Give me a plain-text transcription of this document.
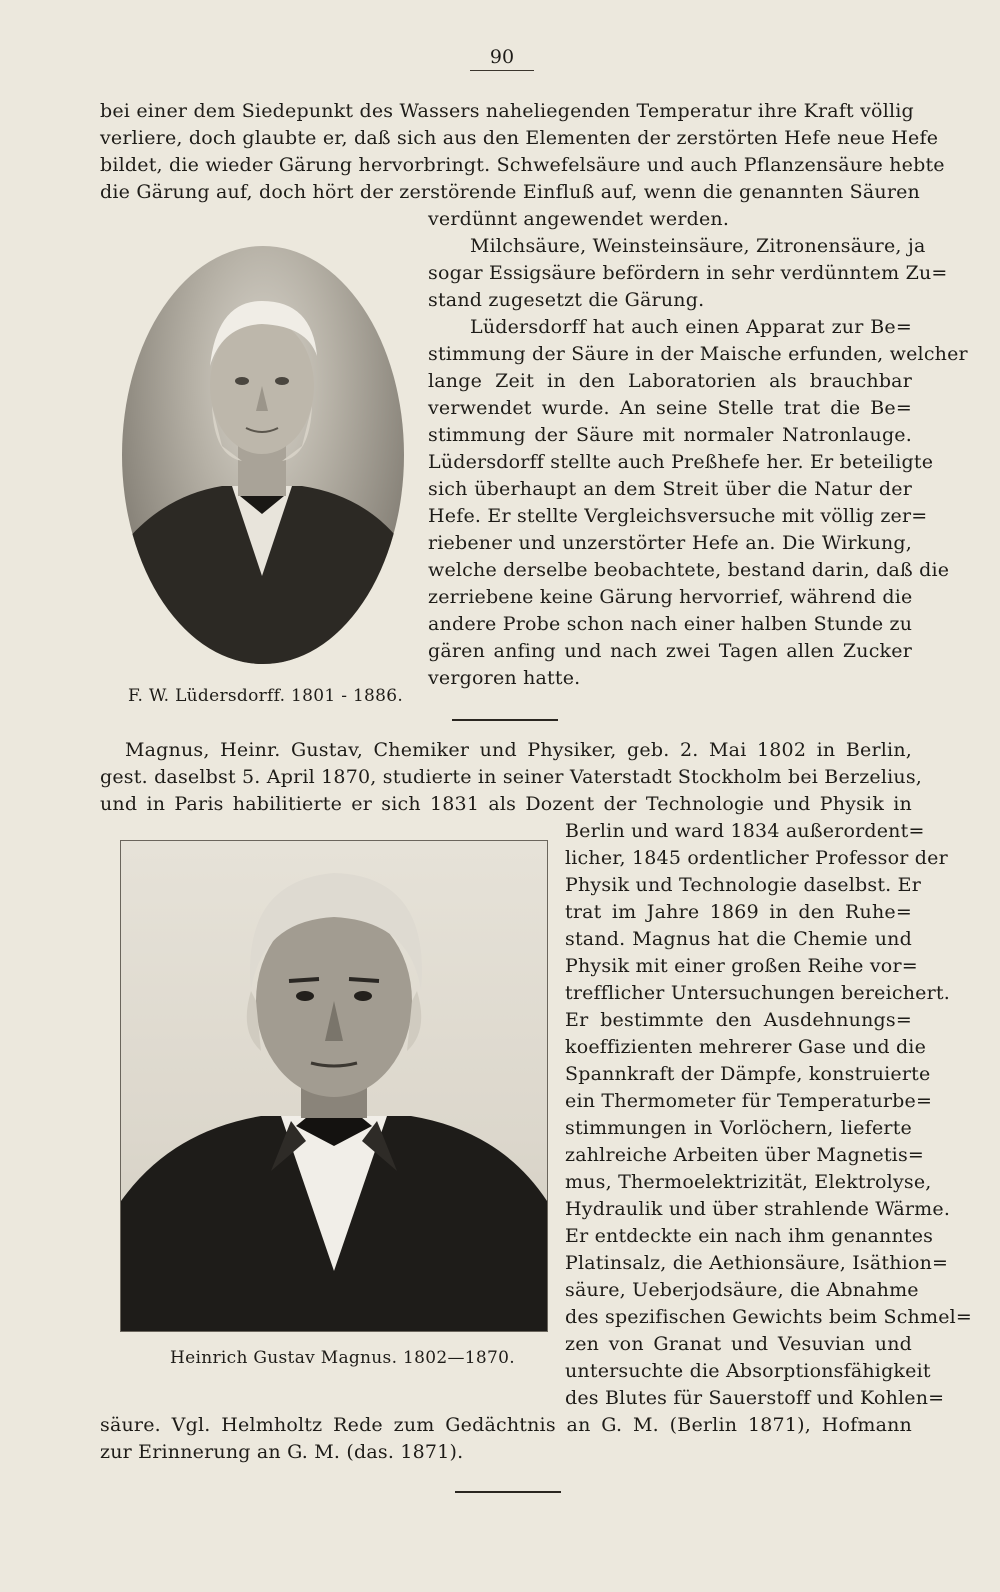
90
bei einer dem Siedepunkt des Wassers naheliegenden Temperatur ihre Kraft völlig
verliere, doch glaubte er, daß sich aus den Elementen der zerstörten Hefe neue Hefe
bildet, die wieder Gärung hervorbringt. Schwefelsäure und auch Pflanzensäure hebte
die Gärung auf, doch hört der zerstörende Einfluß auf, wenn die genannten Säuren
verdünnt angewendet werden.
Milchsäure, Weinsteinsäure, Zitronensäure, ja
sogar Essigsäure befördern in sehr verdünntem Zu=
stand zugesetzt die Gärung.
Lüdersdorff hat auch einen Apparat zur Be=
stimmung der Säure in der Maische erfunden, welcher
lange Zeit in den Laboratorien als brauchbar
verwendet wurde. An seine Stelle trat die Be=
stimmung der Säure mit normaler Natronlauge.
Lüdersdorff stellte auch Preßhefe her. Er beteiligte
sich überhaupt an dem Streit über die Natur der
Hefe. Er stellte Vergleichsversuche mit völlig zer=
riebener und unzerstörter Hefe an. Die Wirkung,
welche derselbe beobachtete, bestand darin, daß die
zerriebene keine Gärung hervorrief, während die
andere Probe schon nach einer halben Stunde zu
gären anfing und nach zwei Tagen allen Zucker
vergoren hatte.
F. W. Lüdersdorff. 1801 - 1886.
Magnus, Heinr. Gustav, Chemiker und Physiker, geb. 2. Mai 1802 in Berlin,
gest. daselbst 5. April 1870, studierte in seiner Vaterstadt Stockholm bei Berzelius,
und in Paris habilitierte er sich 1831 als Dozent der Technologie und Physik in
Berlin und ward 1834 außerordent=
licher, 1845 ordentlicher Professor der
Physik und Technologie daselbst. Er
trat im Jahre 1869 in den Ruhe=
stand. Magnus hat die Chemie und
Physik mit einer großen Reihe vor=
trefflicher Untersuchungen bereichert.
Er bestimmte den Ausdehnungs=
koeffizienten mehrerer Gase und die
Spannkraft der Dämpfe, konstruierte
ein Thermometer für Temperaturbe=
stimmungen in Vorlöchern, lieferte
zahlreiche Arbeiten über Magnetis=
mus, Thermoelektrizität, Elektrolyse,
Hydraulik und über strahlende Wärme.
Er entdeckte ein nach ihm genanntes
Platinsalz, die Aethionsäure, Isäthion=
säure, Ueberjodsäure, die Abnahme
des spezifischen Gewichts beim Schmel=
zen von Granat und Vesuvian und
untersuchte die Absorptionsfähigkeit
des Blutes für Sauerstoff und Kohlen=
Heinrich Gustav Magnus. 1802—1870.
säure. Vgl. Helmholtz Rede zum Gedächtnis an G. M. (Berlin 1871), Hofmann
zur Erinnerung an G. M. (das. 1871).
